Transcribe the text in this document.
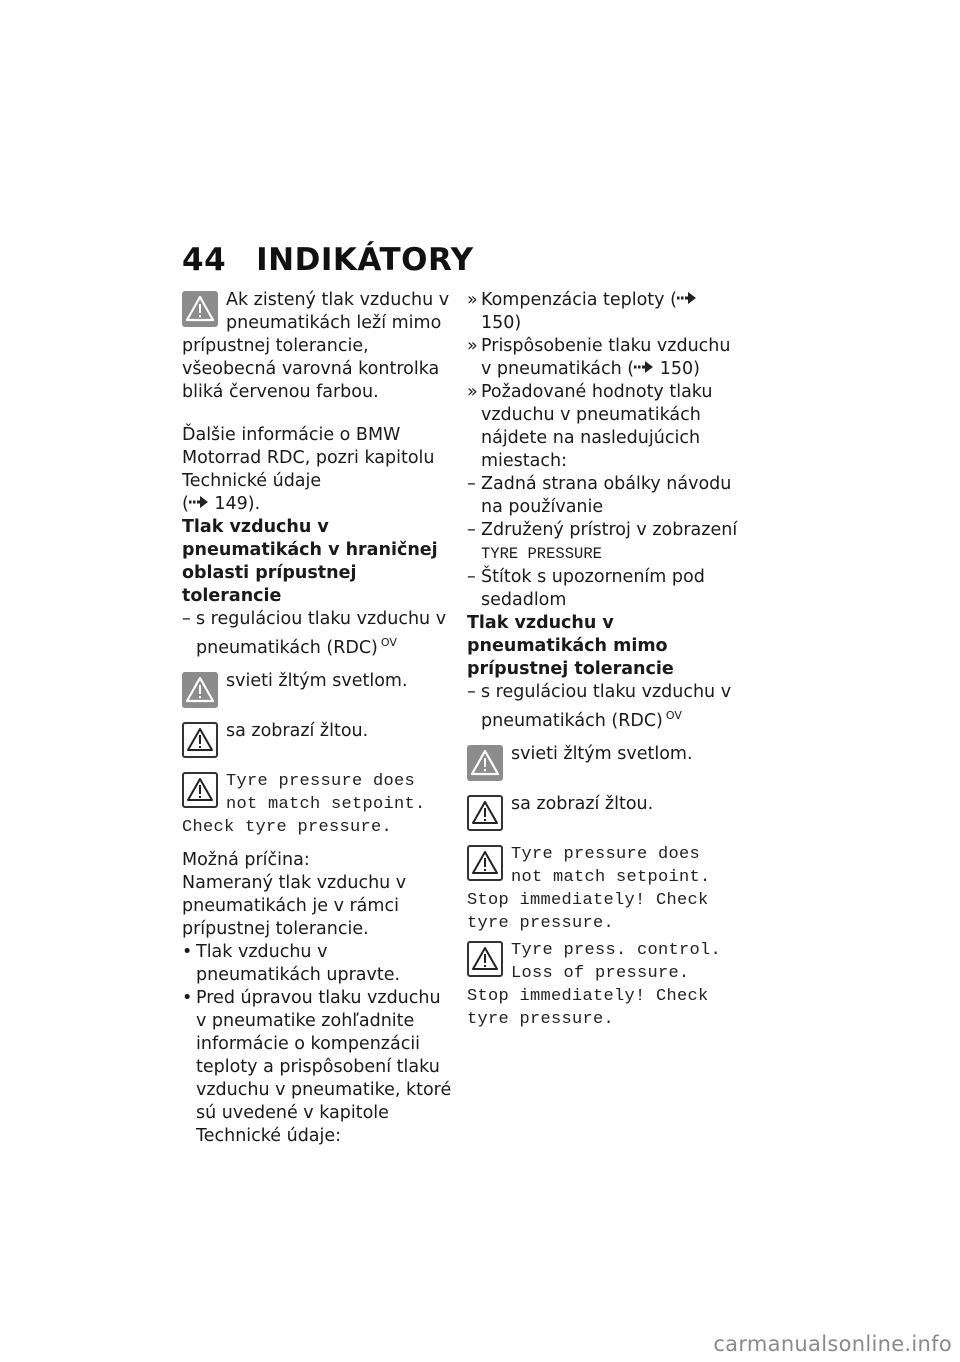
44 INDIKÁTORY

Ak zistený tlak vzduchu v pneumatikách leží mimo prípustnej tolerancie, všeobecná varovná kontrolka bliká červenou farbou.

Ďalšie informácie o BMW Motorrad RDC, pozri kapitolu Technické údaje
( 149).

Tlak vzduchu v pneumatikách v hraničnej oblasti prípustnej tolerancie

– s reguláciou tlaku vzduchu v pneumatikách (RDC) $^{OV}$

svieti žltým svetlom.

sa zobrazí žltou.

Tyre pressure does
not match setpoint.
Check tyre pressure.

Možná príčina:

Nameraný tlak vzduchu v pneumatikách je v rámci prípustnej tolerancie.

• Tlak vzduchu v pneumatikách upravte.
• Pred úpravou tlaku vzduchu v pneumatike zohľadnite informácie o kompenzácii teploty a prispôsobení tlaku vzduchu v pneumatike, ktoré sú uvedené v kapitole Technické údaje:
» Kompenzácia teploty ( 150)
» Prispôsobenie tlaku vzduchu v pneumatikách ( 150)
» Požadované hodnoty tlaku vzduchu v pneumatikách nájdete na nasledujúcich miestach:
– Zadná strana obálky návodu na používanie
– Združený prístroj v zobrazení
TYRE PRESSURE
– Štítok s upozornením pod sedadlom

Tlak vzduchu v pneumatikách mimo prípustnej tolerancie

– s reguláciou tlaku vzduchu v pneumatikách (RDC) $^{OV}$

svieti žltým svetlom.

sa zobrazí žltou.

Tyre pressure does
not match setpoint.
Stop immediately! Check
tyre pressure.

Tyre press. control.
Loss of pressure.
Stop immediately! Check
tyre pressure.

carmanualsonline.info
